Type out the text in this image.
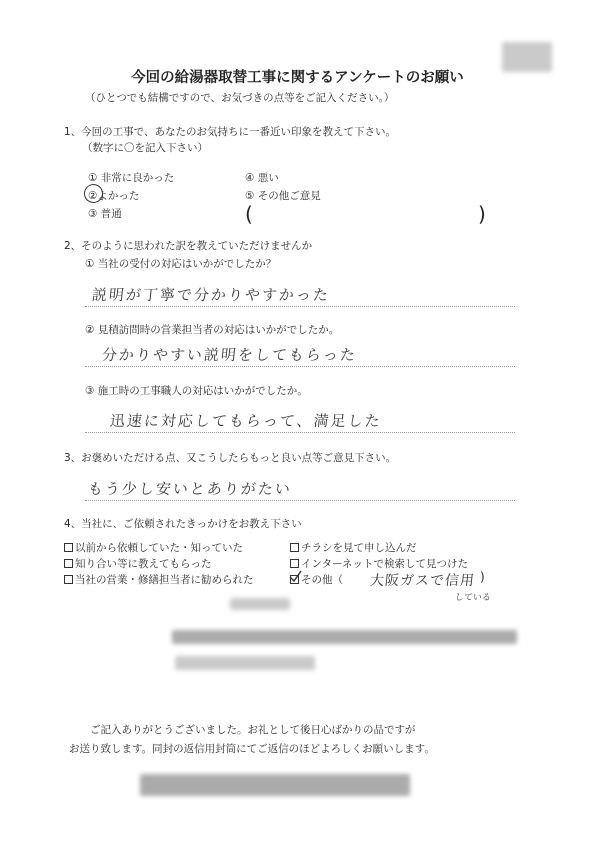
今回の給湯器取替工事に関するアンケートのお願い
（ひとつでも結構ですので、お気づきの点等をご記入ください。）
1、今回の工事で、あなたのお気持ちに一番近い印象を教えて下さい。
（数字に〇を記入下さい）
① 非常に良かった
②よかった
③ 普通
④ 悪い
⑤ その他ご意見
(	)
2、そのように思われた訳を教えていただけませんか
① 当社の受付の対応はいかがでしたか？
説明が丁寧で分かりやすかった
② 見積訪問時の営業担当者の対応はいかがでしたか。
分かりやすい説明をしてもらった
③ 施工時の工事職人の対応はいかがでしたか。
迅速に対応してもらって、満足した
3、お褒めいただける点、又こうしたらもっと良い点等ご意見下さい。
もう少し安いとありがたい
4、当社に、ご依頼されたきっかけをお教え下さい
以前から依頼していた・知っていた
知り合い等に教えてもらった
当社の営業・修繕担当者に勧められた
チラシを見て申し込んだ
インターネットで検索して見つけた
その他（ 大阪ガスで信用
している
)
ご記入ありがとうございました。お礼として後日心ばかりの品ですが
お送り致します。同封の返信用封筒にてご返信のほどよろしくお願いします。
